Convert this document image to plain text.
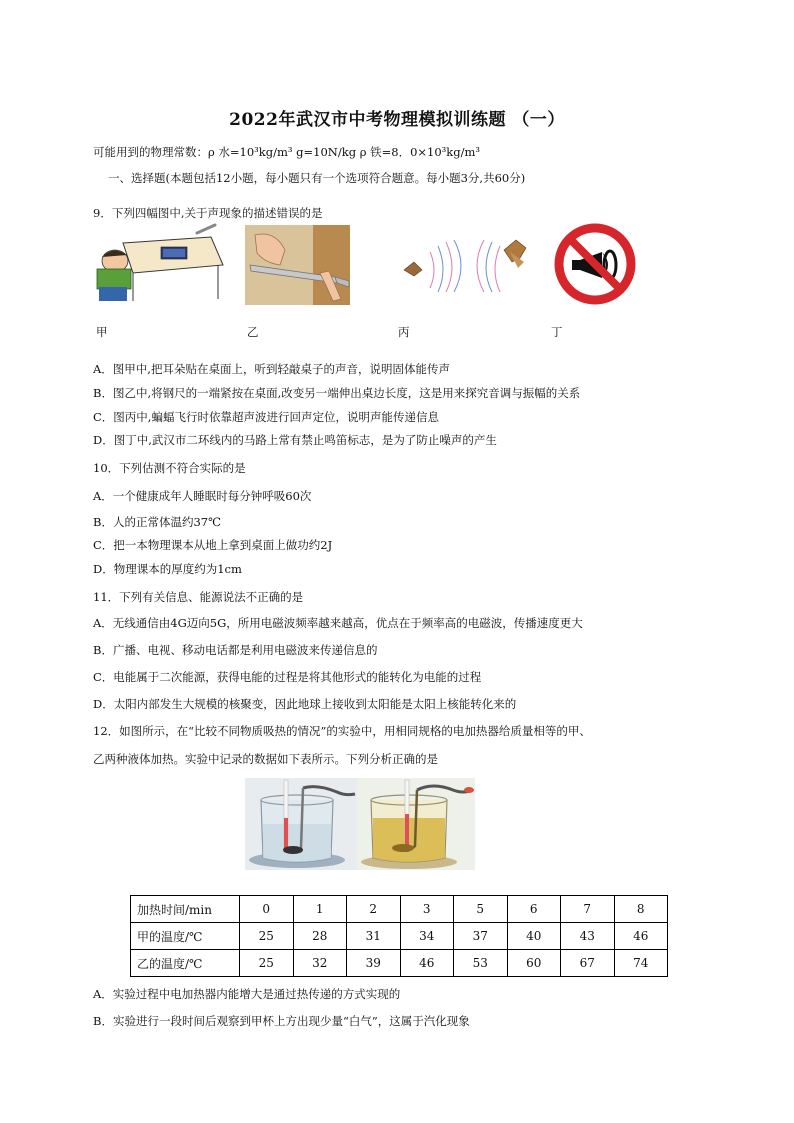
2022年武汉市中考物理模拟训练题 （一）
可能用到的物理常数：ρ 水=10³kg/m³ g=10N/kg ρ 铁=8．0×10³kg/m³
一、选择题(本题包括12小题，每小题只有一个选项符合题意。每小题3分,共60分)
9．下列四幅图中,关于声现象的描述错误的是
甲	乙	丙	丁
A．图甲中,把耳朵贴在桌面上，听到轻敲桌子的声音，说明固体能传声
B．图乙中,将钢尺的一端紧按在桌面,改变另一端伸出桌边长度，这是用来探究音调与振幅的关系
C．图丙中,蝙蝠飞行时依靠超声波进行回声定位，说明声能传递信息
D．图丁中,武汉市二环线内的马路上常有禁止鸣笛标志，是为了防止噪声的产生
10．下列估测不符合实际的是
A．一个健康成年人睡眠时每分钟呼吸60次
B．人的正常体温约37℃
C．把一本物理课本从地上拿到桌面上做功约2J
D．物理课本的厚度约为1cm
11．下列有关信息、能源说法不正确的是
A．无线通信由4G迈向5G，所用电磁波频率越来越高，优点在于频率高的电磁波，传播速度更大
B．广播、电视、移动电话都是利用电磁波来传递信息的
C．电能属于二次能源，获得电能的过程是将其他形式的能转化为电能的过程
D．太阳内部发生大规模的核聚变，因此地球上接收到太阳能是太阳上核能转化来的
12．如图所示，在“比较不同物质吸热的情况”的实验中，用相同规格的电加热器给质量相等的甲、
乙两种液体加热。实验中记录的数据如下表所示。下列分析正确的是
加热时间/min	0	1	2	3	5	6	7	8
甲的温度/℃	25	28	31	34	37	40	43	46
乙的温度/℃	25	32	39	46	53	60	67	74
A．实验过程中电加热器内能增大是通过热传递的方式实现的
B．实验进行一段时间后观察到甲杯上方出现少量“白气”，这属于汽化现象
